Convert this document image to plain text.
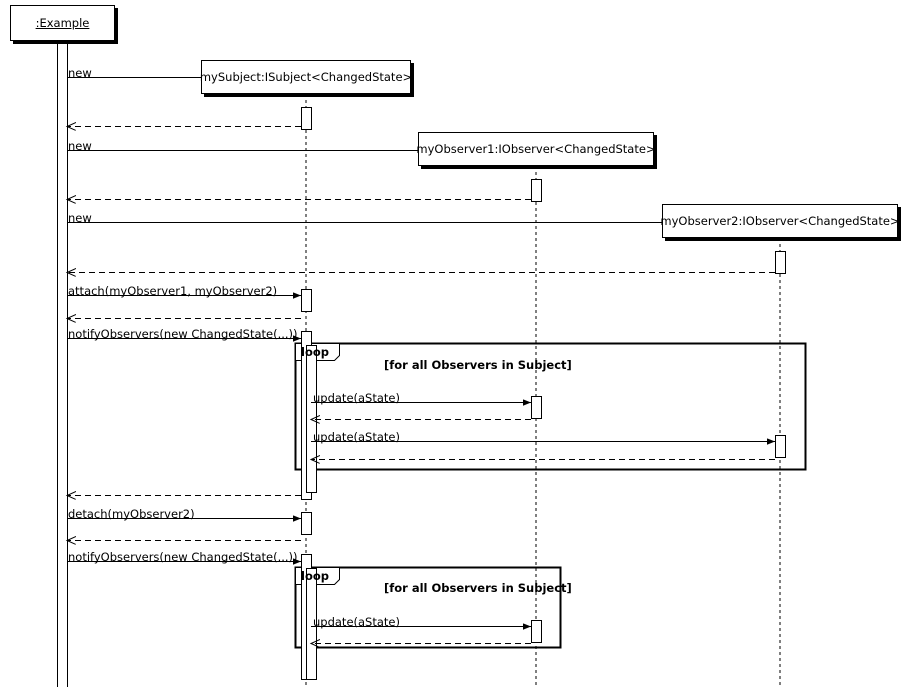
:Example
mySubject:ISubject<ChangedState>
myObserver1:IObserver<ChangedState>
myObserver2:IObserver<ChangedState>
new
new
new
attach(myObserver1, myObserver2)
notifyObservers(new ChangedState(...))
update(aState)
update(aState)
detach(myObserver2)
notifyObservers(new ChangedState(...))
update(aState)
loop
[for all Observers in Subject]
loop
[for all Observers in Subject]
